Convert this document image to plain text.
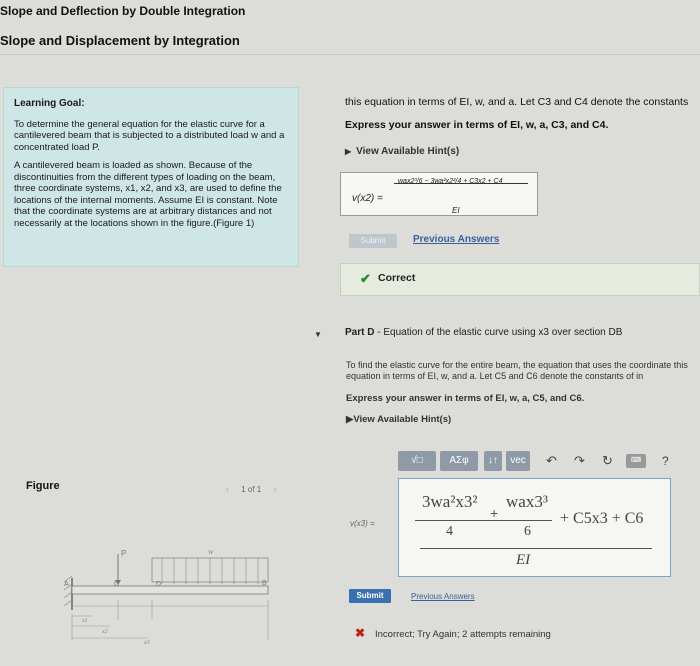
Slope and Deflection by Double Integration
Slope and Displacement by Integration
Learning Goal:

To determine the general equation for the elastic curve for a cantilevered beam that is subjected to a distributed load w and a concentrated load P.

A cantilevered beam is loaded as shown. Because of the discontinuities from the different types of loading on the beam, three coordinate systems, x1, x2, and x3, are used to define the locations of the internal moments. Assume EI is constant. Note that the coordinate systems are at arbitrary distances and not necessarily at the locations shown in the figure.(Figure 1)

this equation in terms of EI, w, and a. Let C3 and C4 denote the constants
Express your answer in terms of EI, w, a, C3, and C4.
▶ View Available Hint(s)
v(x2) =
wax2³/6 − 3wa²x2²/4 + C3x2 + C4
EI
Submit	Previous Answers
✔ Correct
▼ Part D - Equation of the elastic curve using x3 over section DB
To find the elastic curve for the entire beam, the equation that uses the coordinate this equation in terms of EI, w, and a. Let C5 and C6 denote the constants of in
Express your answer in terms of EI, w, a, C5, and C6.
▶View Available Hint(s)
√□	ΑΣφ	↓↑	vec	↶ ↷ ↻	⌨	?
v(x3) =
3wa²x3²
4
+
wax3³
6
+ C5x3 + C6
EI
Submit	Previous Answers
✖ Incorrect; Try Again; 2 attempts remaining
Figure	‹ 1 of 1 ›
P	w
A	C	D	B
x1
x2
x3
